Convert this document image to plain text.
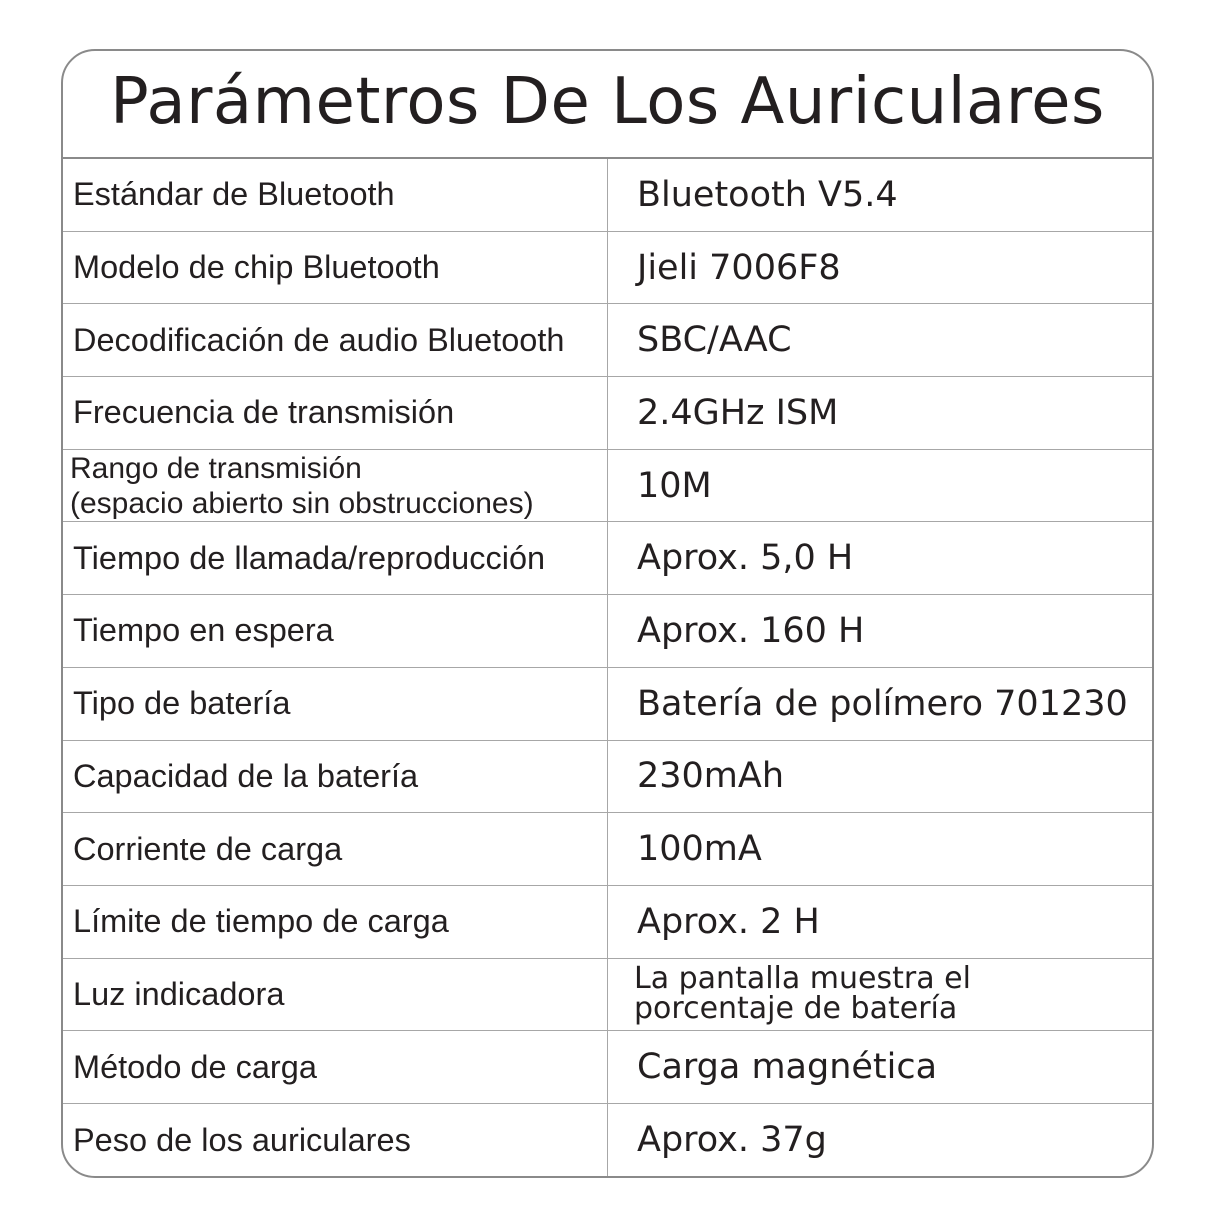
Parámetros De Los Auriculares
Estándar de Bluetooth	Bluetooth V5.4
Modelo de chip Bluetooth	Jieli 7006F8
Decodificación de audio Bluetooth	SBC/AAC
Frecuencia de transmisión	2.4GHz ISM
Rango de transmisión
(espacio abierto sin obstrucciones)	10M
Tiempo de llamada/reproducción	Aprox. 5,0 H
Tiempo en espera	Aprox. 160 H
Tipo de batería	Batería de polímero 701230
Capacidad de la batería	230mAh
Corriente de carga	100mA
Límite de tiempo de carga	Aprox. 2 H
Luz indicadora	La pantalla muestra el
porcentaje de batería
Método de carga	Carga magnética
Peso de los auriculares	Aprox. 37g
